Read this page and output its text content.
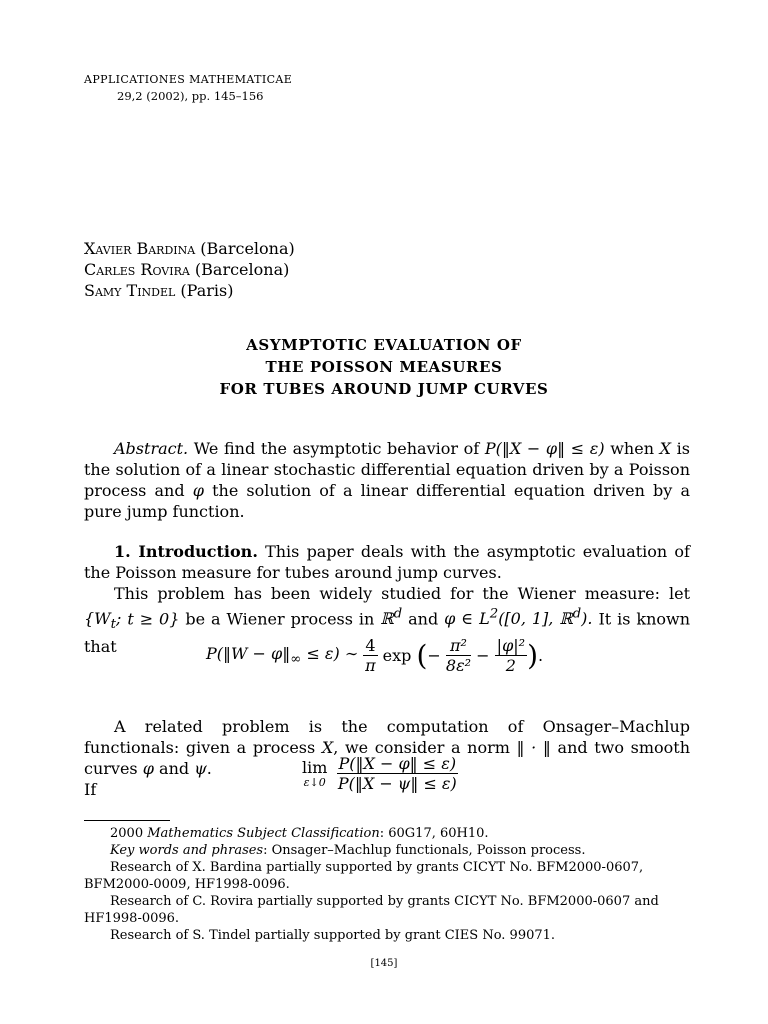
APPLICATIONES MATHEMATICAE
29,2 (2002), pp. 145–156
Xavier Bardina (Barcelona)
Carles Rovira (Barcelona)
Samy Tindel (Paris)
ASYMPTOTIC EVALUATION OF
THE POISSON MEASURES
FOR TUBES AROUND JUMP CURVES
Abstract. We find the asymptotic behavior of P(‖X − φ‖ ≤ ε) when X is the solution of a linear stochastic differential equation driven by a Poisson process and φ the solution of a linear differential equation driven by a pure jump function.
1. Introduction. This paper deals with the asymptotic evaluation of the Poisson measure for tubes around jump curves.
This problem has been widely studied for the Wiener measure: let {$W_t$; t ≥ 0} be a Wiener process in ℝ$^d$ and φ ∈ $L^2([0$, 1], ℝ$^d$). It is known that	P(‖W − $\varphi‖_\infty \le \varepsilon$) ∼ $\frac{4}{\pi}$ exp (− $\frac{\text{π²}}{\text{8ε²}} - \frac{\text{|φ|²}}{2}$ ).
A related problem is the computation of Onsager–Machlup functionals: given a process X, we consider a norm ‖ · ‖ and two smooth curves φ and ψ.
If
lim
ε↓0
$\frac{P(‖X - \varphi‖ \le \varepsilon)}{P(‖X - \psi‖ \le \varepsilon)}$

2000 Mathematics Subject Classification: 60G17, 60H10.

Key words and phrases: Onsager–Machlup functionals, Poisson process.

Research of X. Bardina partially supported by grants CICYT No. BFM2000-0607, BFM2000-0009, HF1998-0096.

Research of C. Rovira partially supported by grants CICYT No. BFM2000-0607 and HF1998-0096.

Research of S. Tindel partially supported by grant CIES No. 99071.

[145]
